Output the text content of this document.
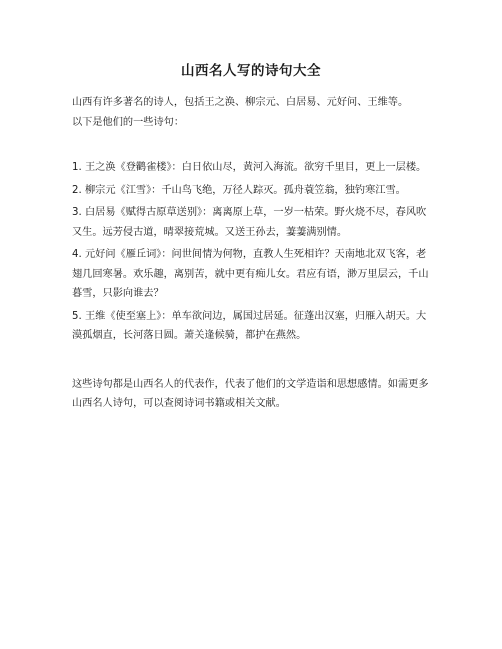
山西名人写的诗句大全

山西有许多著名的诗人，包括王之涣、柳宗元、白居易、元好问、王维等。

以下是他们的一些诗句：

1. 王之涣《登鹳雀楼》：白日依山尽，黄河入海流。欲穷千里目，更上一层楼。

2. 柳宗元《江雪》：千山鸟飞绝，万径人踪灭。孤舟蓑笠翁，独钓寒江雪。

3. 白居易《赋得古原草送别》：离离原上草，一岁一枯荣。野火烧不尽，春风吹又生。远芳侵古道，晴翠接荒城。又送王孙去，萋萋满别情。

4. 元好问《雁丘词》：问世间情为何物，直教人生死相许？天南地北双飞客，老翅几回寒暑。欢乐趣，离别苦，就中更有痴儿女。君应有语，渺万里层云，千山暮雪，只影向谁去？

5. 王维《使至塞上》：单车欲问边，属国过居延。征蓬出汉塞，归雁入胡天。大漠孤烟直，长河落日圆。萧关逢候骑，都护在燕然。

这些诗句都是山西名人的代表作，代表了他们的文学造诣和思想感情。如需更多山西名人诗句，可以查阅诗词书籍或相关文献。
